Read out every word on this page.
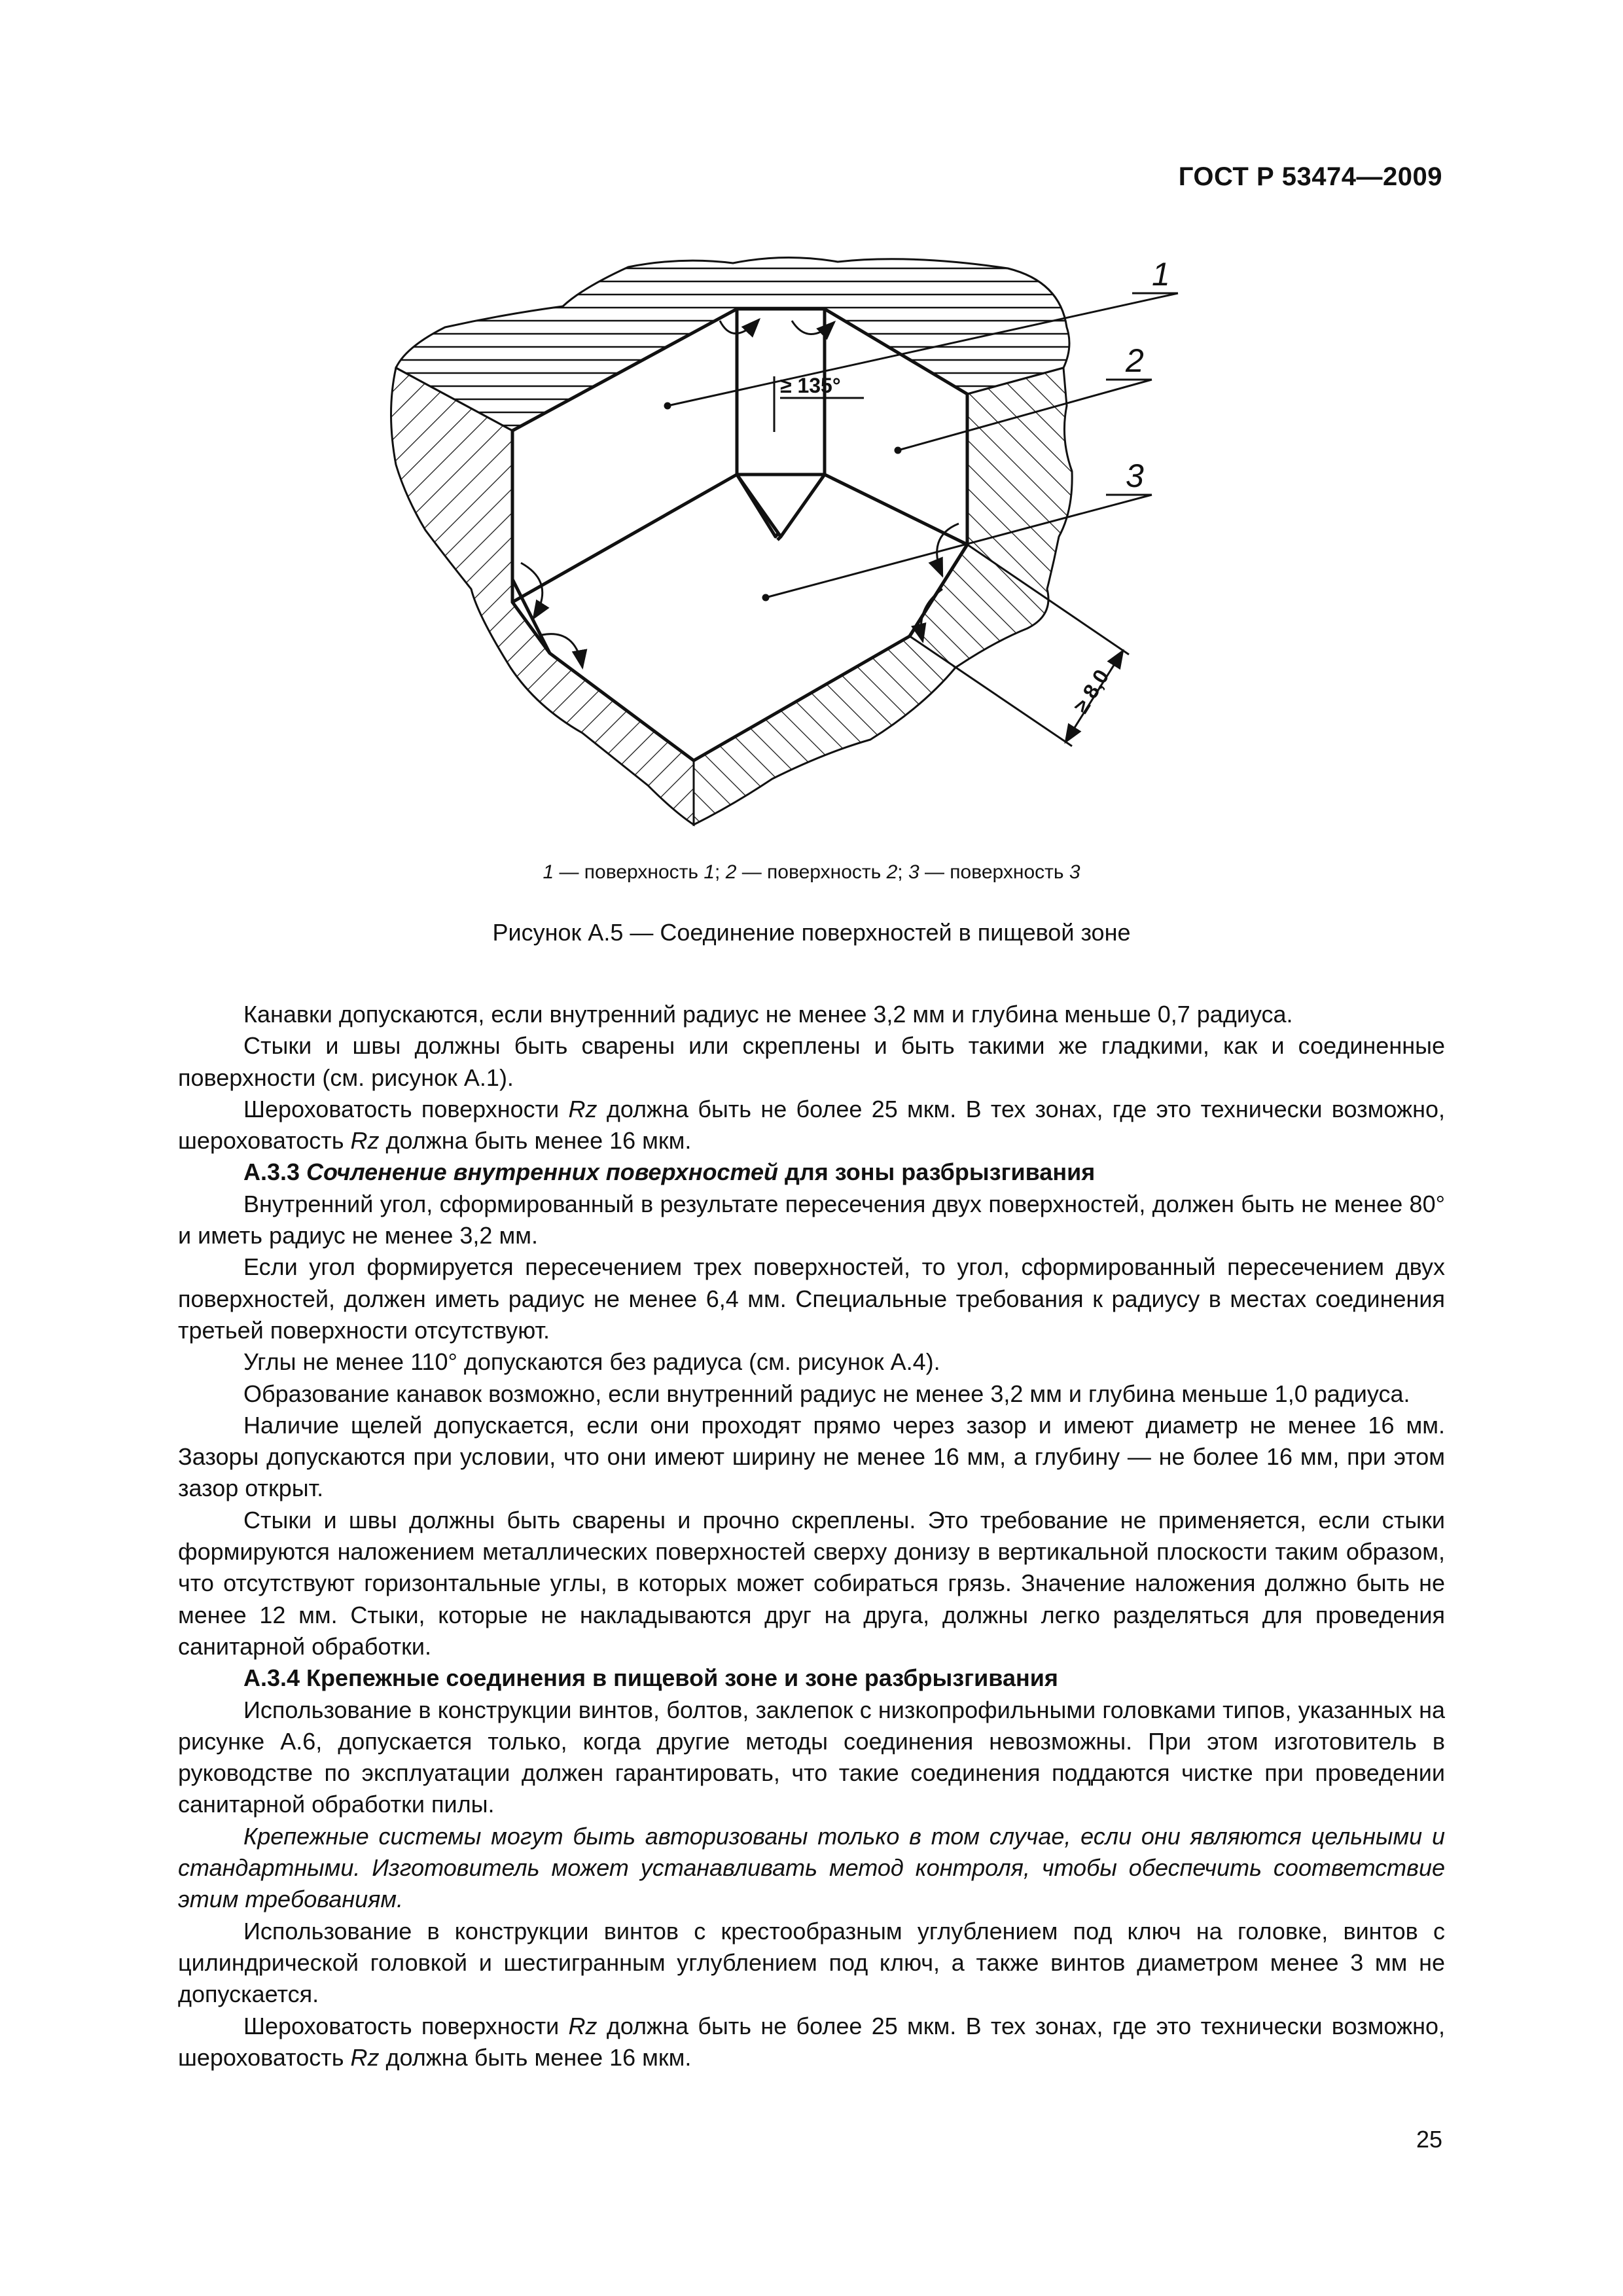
ГОСТ Р 53474—2009
1
2
3
≥ 135°
≥ 8,0
1 — поверхность 1; 2 — поверхность 2; 3 — поверхность 3
Рисунок А.5 — Соединение поверхностей в пищевой зоне

Канавки допускаются, если внутренний радиус не менее 3,2 мм и глубина меньше 0,7 радиуса.

Стыки и швы должны быть сварены или скреплены и быть такими же гладкими, как и соединенные поверхности (см. рисунок А.1).

Шероховатость поверхности Rz должна быть не более 25 мкм. В тех зонах, где это технически возможно, шероховатость Rz должна быть менее 16 мкм.

А.3.3 Сочленение внутренних поверхностей для зоны разбрызгивания

Внутренний угол, сформированный в результате пересечения двух поверхностей, должен быть не менее 80° и иметь радиус не менее 3,2 мм.

Если угол формируется пересечением трех поверхностей, то угол, сформированный пересечением двух поверхностей, должен иметь радиус не менее 6,4 мм. Специальные требования к радиусу в местах соединения третьей поверхности отсутствуют.

Углы не менее 110° допускаются без радиуса (см. рисунок А.4).

Образование канавок возможно, если внутренний радиус не менее 3,2 мм и глубина меньше 1,0 радиуса.

Наличие щелей допускается, если они проходят прямо через зазор и имеют диаметр не менее 16 мм. Зазоры допускаются при условии, что они имеют ширину не менее 16 мм, а глубину — не более 16 мм, при этом зазор открыт.

Стыки и швы должны быть сварены и прочно скреплены. Это требование не применяется, если стыки формируются наложением металлических поверхностей сверху донизу в вертикальной плоскости таким образом, что отсутствуют горизонтальные углы, в которых может собираться грязь. Значение наложения должно быть не менее 12 мм. Стыки, которые не накладываются друг на друга, должны легко разделяться для проведения санитарной обработки.

А.3.4 Крепежные соединения в пищевой зоне и зоне разбрызгивания

Использование в конструкции винтов, болтов, заклепок с низкопрофильными головками типов, указанных на рисунке А.6, допускается только, когда другие методы соединения невозможны. При этом изготовитель в руководстве по эксплуатации должен гарантировать, что такие соединения поддаются чистке при проведении санитарной обработки пилы.

Крепежные системы могут быть авторизованы только в том случае, если они являются цельными и стандартными. Изготовитель может устанавливать метод контроля, чтобы обеспечить соответствие этим требованиям.

Использование в конструкции винтов с крестообразным углублением под ключ на головке, винтов с цилиндрической головкой и шестигранным углублением под ключ, а также винтов диаметром менее 3 мм не допускается.

Шероховатость поверхности Rz должна быть не более 25 мкм. В тех зонах, где это технически возможно, шероховатость Rz должна быть менее 16 мкм.

25
